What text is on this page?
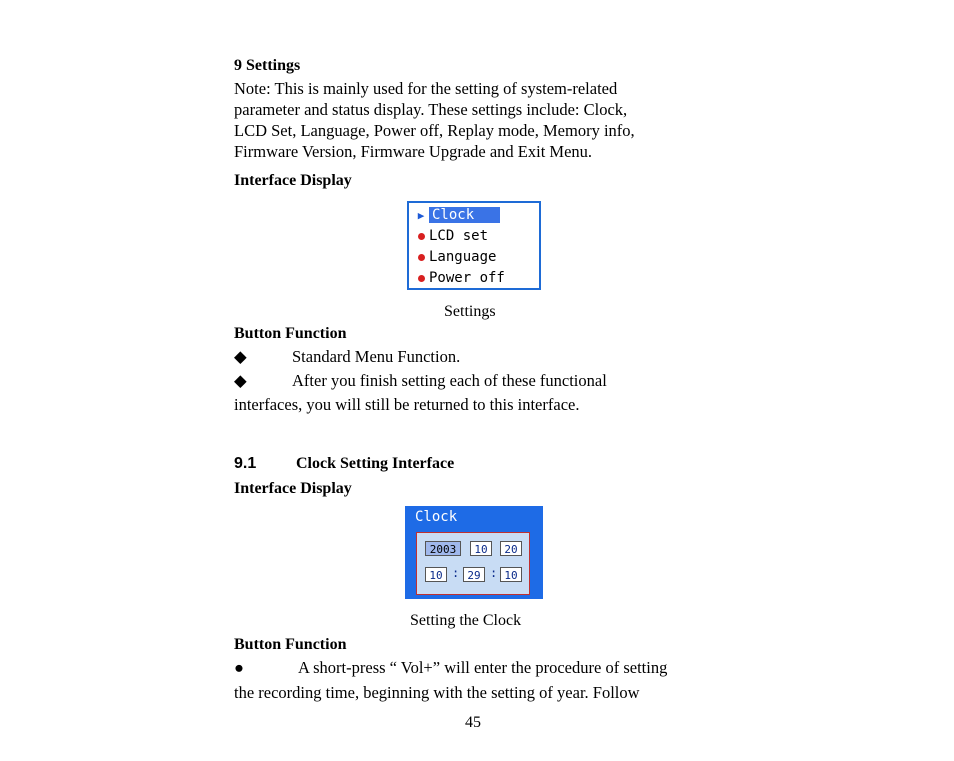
9 Settings
Note: This is mainly used for the setting of system-related
parameter and status display. These settings include: Clock,
LCD Set, Language, Power off, Replay mode, Memory info,
Firmware Version, Firmware Upgrade and Exit Menu.
Interface Display
▶ Clock
LCD set
Language
Power off
Settings
Button Function
◆	Standard Menu Function.
◆	After you finish setting each of these functional
interfaces, you will still be returned to this interface.
9.1 Clock Setting Interface
Interface Display
Clock
2003	10	20
10 : 29 : 10
Setting the Clock
Button Function
●	A short-press “ Vol+” will enter the procedure of setting
the recording time, beginning with the setting of year. Follow
45
